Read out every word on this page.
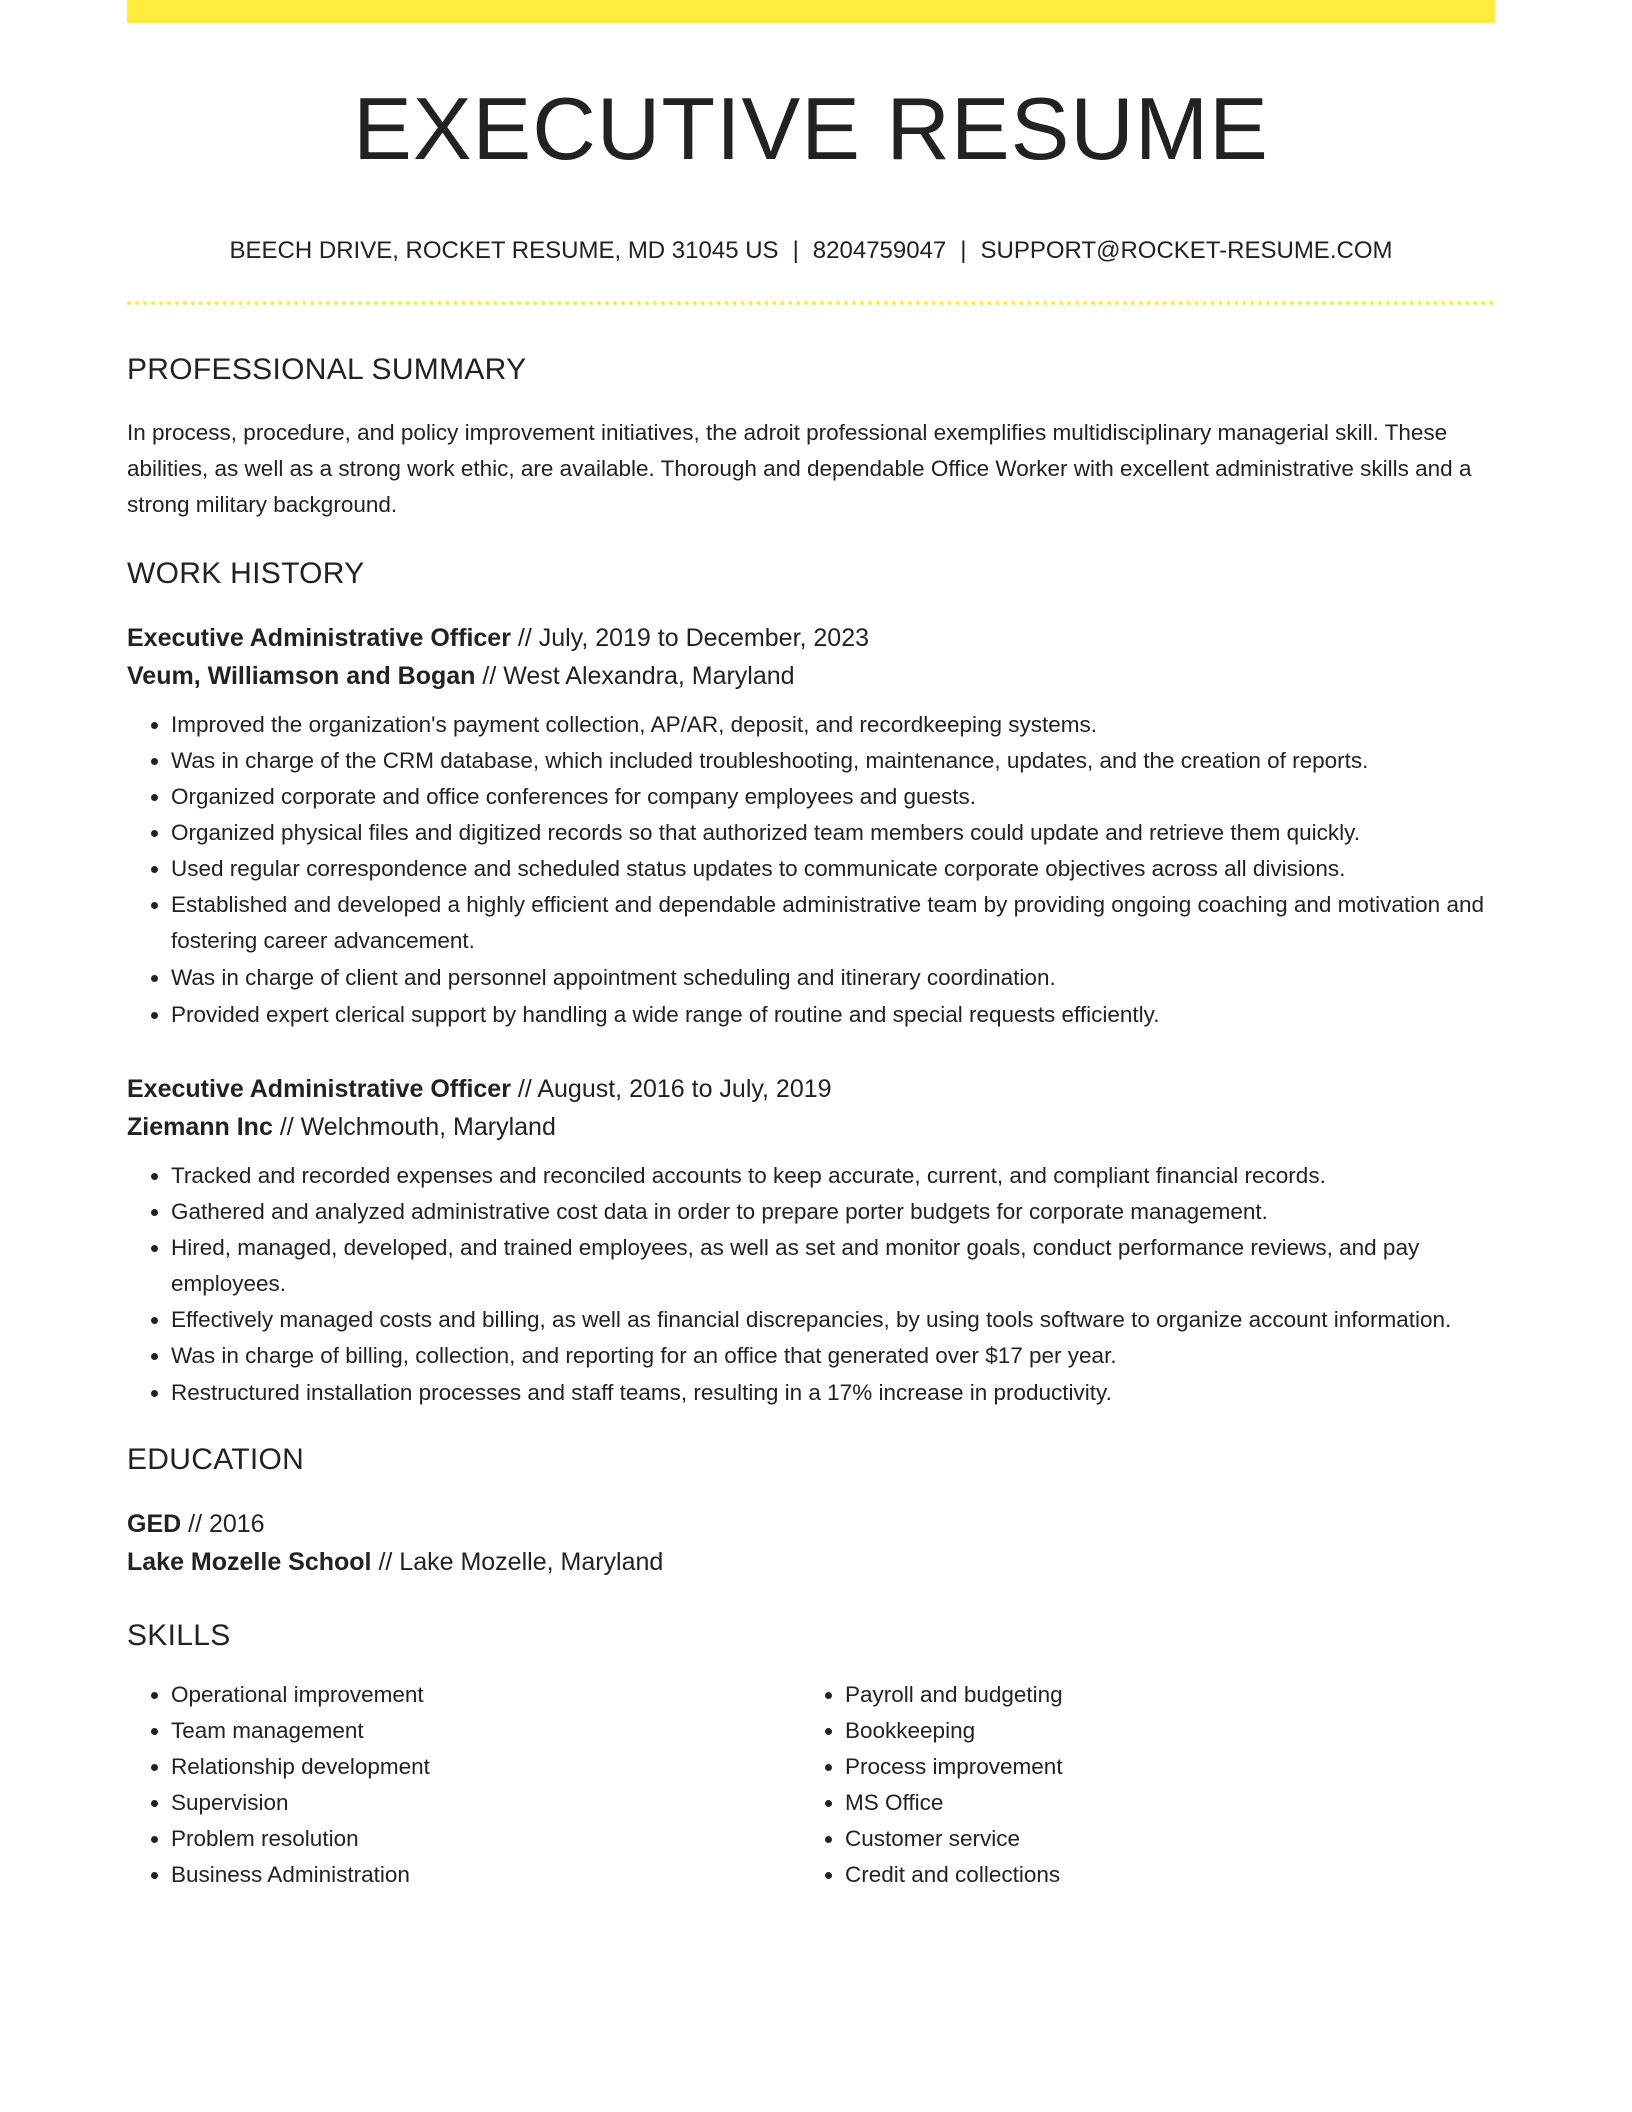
EXECUTIVE RESUME
BEECH DRIVE, ROCKET RESUME, MD 31045 US | 8204759047 | SUPPORT@ROCKET-RESUME.COM
PROFESSIONAL SUMMARY
In process, procedure, and policy improvement initiatives, the adroit professional exemplifies multidisciplinary managerial skill. These abilities, as well as a strong work ethic, are available. Thorough and dependable Office Worker with excellent administrative skills and a strong military background.
WORK HISTORY
Executive Administrative Officer // July, 2019 to December, 2023
Veum, Williamson and Bogan // West Alexandra, Maryland
• Improved the organization's payment collection, AP/AR, deposit, and recordkeeping systems.
• Was in charge of the CRM database, which included troubleshooting, maintenance, updates, and the creation of reports.
• Organized corporate and office conferences for company employees and guests.
• Organized physical files and digitized records so that authorized team members could update and retrieve them quickly.
• Used regular correspondence and scheduled status updates to communicate corporate objectives across all divisions.
• Established and developed a highly efficient and dependable administrative team by providing ongoing coaching and motivation and fostering career advancement.
• Was in charge of client and personnel appointment scheduling and itinerary coordination.
• Provided expert clerical support by handling a wide range of routine and special requests efficiently.
Executive Administrative Officer // August, 2016 to July, 2019
Ziemann Inc // Welchmouth, Maryland
• Tracked and recorded expenses and reconciled accounts to keep accurate, current, and compliant financial records.
• Gathered and analyzed administrative cost data in order to prepare porter budgets for corporate management.
• Hired, managed, developed, and trained employees, as well as set and monitor goals, conduct performance reviews, and pay employees.
• Effectively managed costs and billing, as well as financial discrepancies, by using tools software to organize account information.
• Was in charge of billing, collection, and reporting for an office that generated over $17 per year.
• Restructured installation processes and staff teams, resulting in a 17% increase in productivity.
EDUCATION
GED // 2016
Lake Mozelle School // Lake Mozelle, Maryland
SKILLS
• Operational improvement
• Team management
• Relationship development
• Supervision
• Problem resolution
• Business Administration
• Payroll and budgeting
• Bookkeeping
• Process improvement
• MS Office
• Customer service
• Credit and collections
